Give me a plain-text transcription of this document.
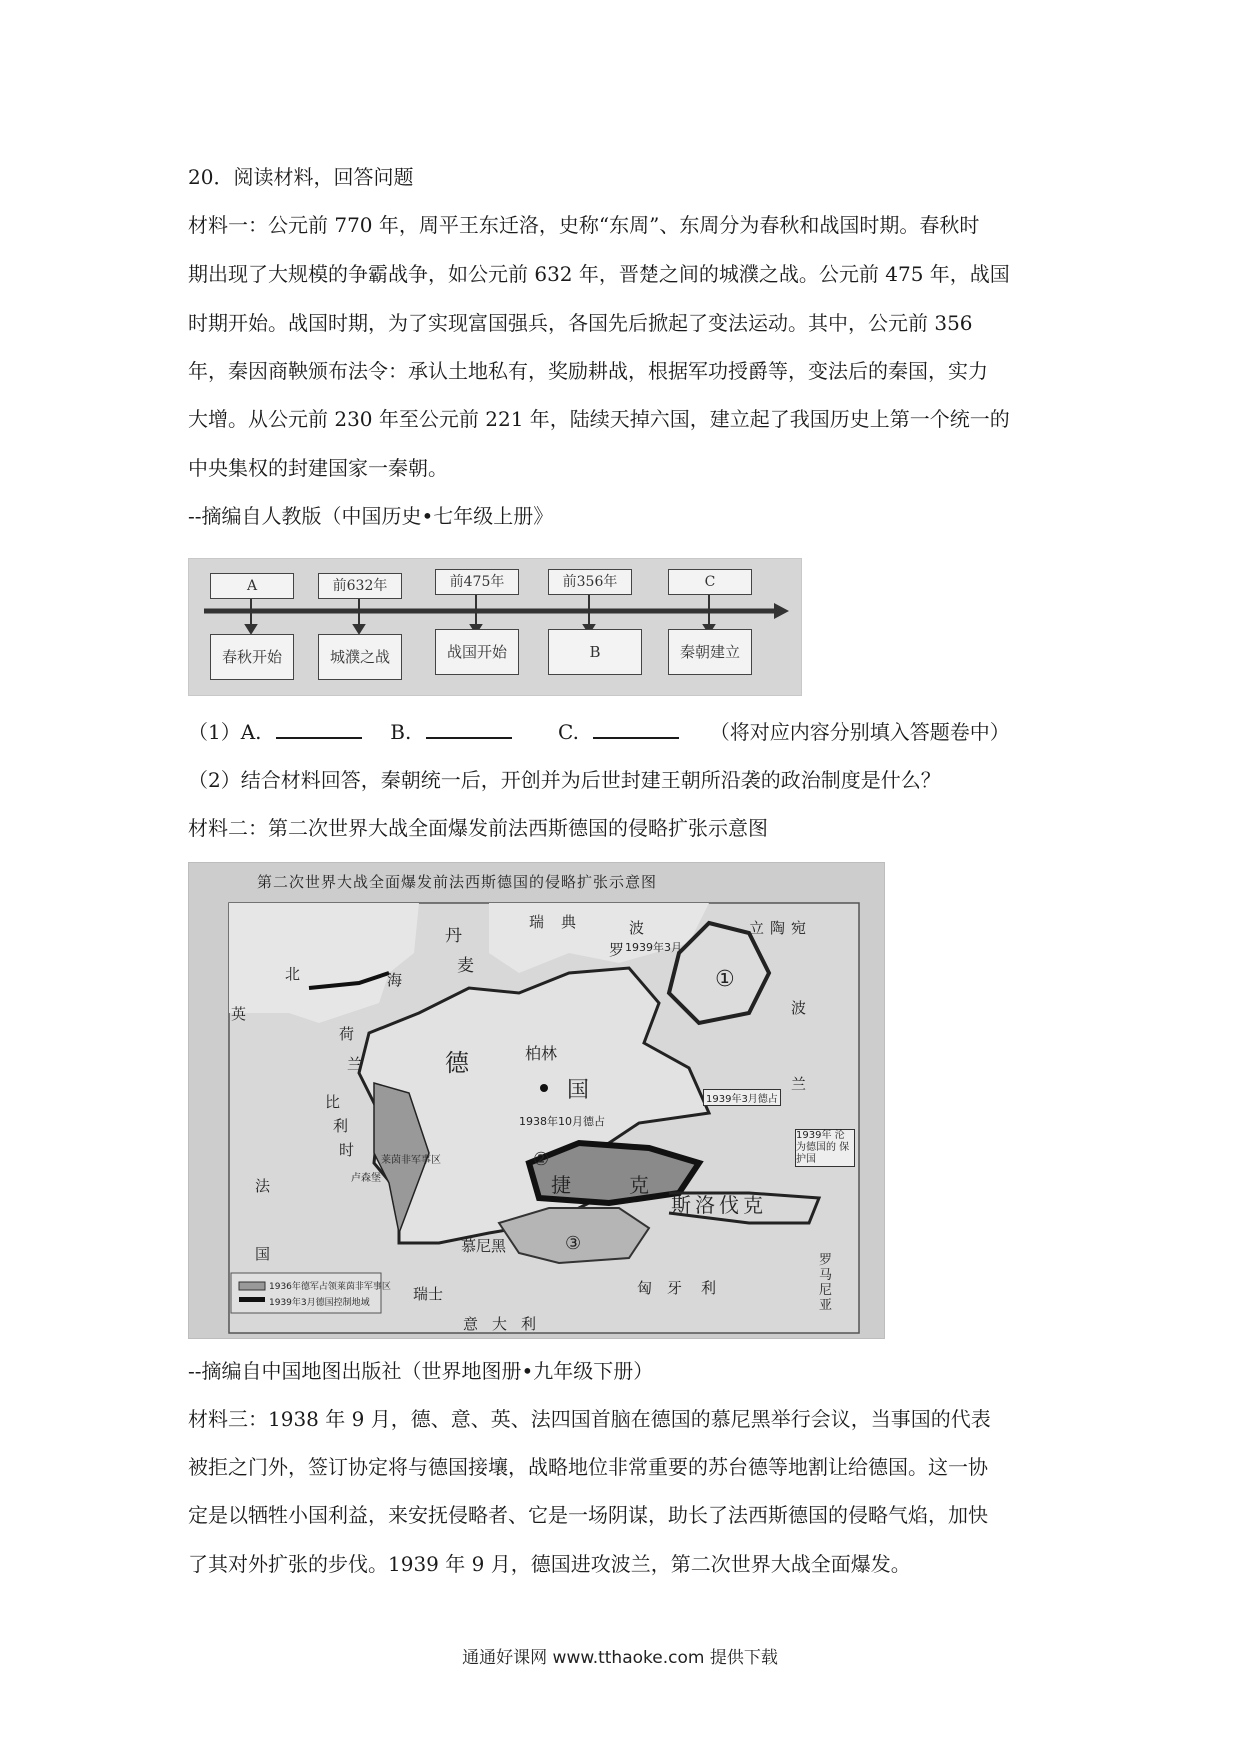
20．阅读材料，回答问题
材料一：公元前 770 年，周平王东迁洛，史称“东周”、东周分为春秋和战国时期。春秋时
期出现了大规模的争霸战争，如公元前 632 年，晋楚之间的城濮之战。公元前 475 年，战国
时期开始。战国时期，为了实现富国强兵，各国先后掀起了变法运动。其中，公元前 356
年，秦因商鞅颁布法令：承认土地私有，奖励耕战，根据军功授爵等，变法后的秦国，实力
大增。从公元前 230 年至公元前 221 年，陆续天掉六国，建立起了我国历史上第一个统一的
中央集权的封建国家一秦朝。
--摘编自人教版（中国历史•七年级上册》
A	前632年	前475年	前356年	C
春秋开始	城濮之战	战国开始	B	秦朝建立
（1）A.	B.	C.	（将对应内容分别填入答题卷中）
（2）结合材料回答，秦朝统一后，开创并为后世封建王朝所沿袭的政治制度是什么？
材料二：第二次世界大战全面爆发前法西斯德国的侵略扩张示意图
第二次世界大战全面爆发前法西斯德国的侵略扩张示意图
丹
麦
瑞 典	波
罗 1939年3月
立陶宛
①
波
兰
北	海
英
荷
兰	德
国
柏林
1938年10月德占
1939年3月德占
1939年 沦为德国的 保护国
比
利
时
莱茵非军事区
卢森堡
②
捷	克
斯洛伐克
法
国	慕尼黑	③
瑞士	匈 牙 利
罗马尼亚
意大利
1936年德军占领莱茵非军事区
1939年3月德国控制地域
--摘编自中国地图出版社（世界地图册•九年级下册）
材料三：1938 年 9 月，德、意、英、法四国首脑在德国的慕尼黑举行会议，当事国的代表
被拒之门外，签订协定将与德国接壤，战略地位非常重要的苏台德等地割让给德国。这一协
定是以牺牲小国利益，来安抚侵略者、它是一场阴谋，助长了法西斯德国的侵略气焰，加快
了其对外扩张的步伐。1939 年 9 月，德国进攻波兰，第二次世界大战全面爆发。
通通好课网 www.tthaoke.com 提供下载
